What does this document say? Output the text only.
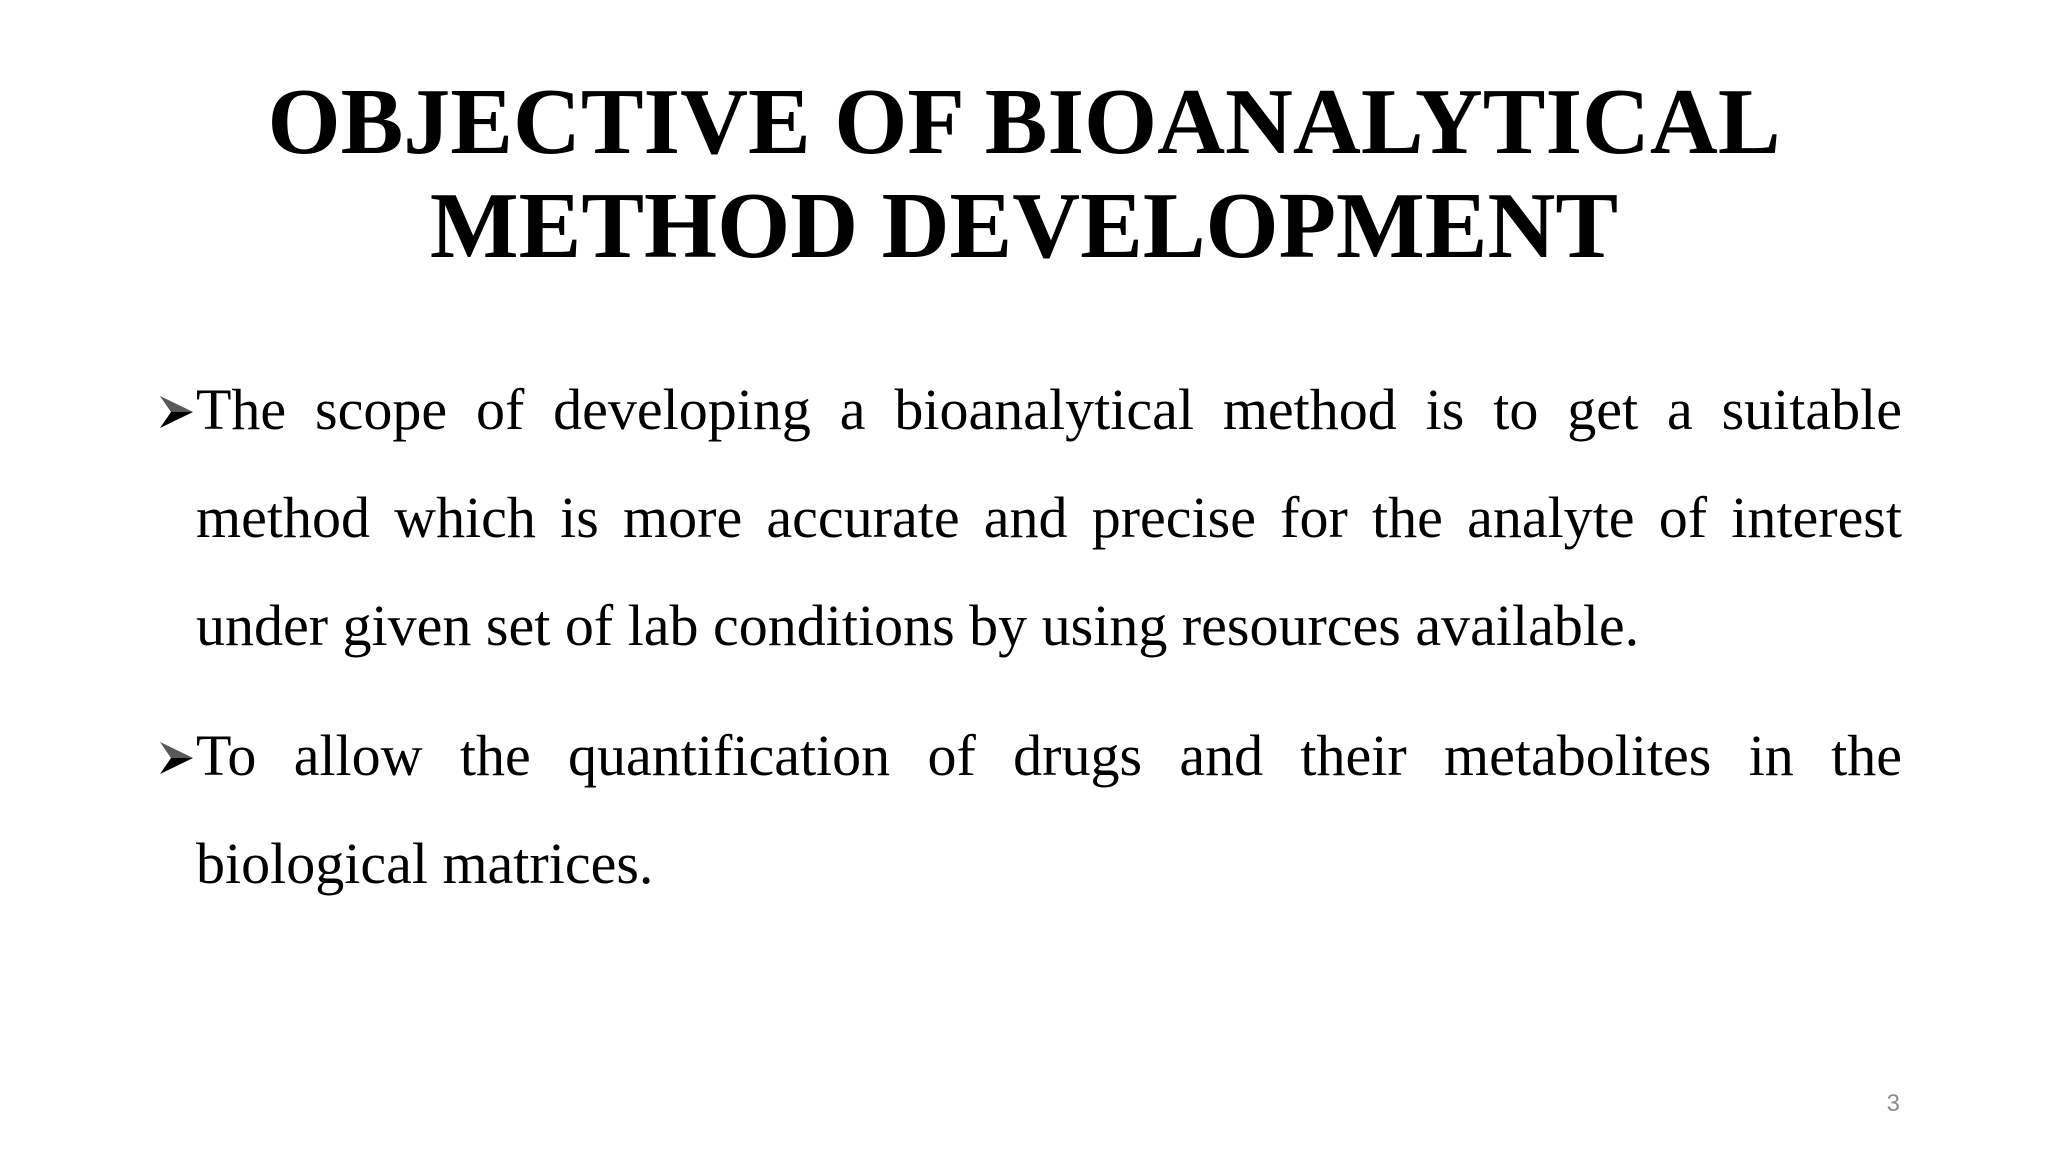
OBJECTIVE OF BIOANALYTICAL
METHOD DEVELOPMENT
The scope of developing a bioanalytical method is to get a suitable method which is more accurate and precise for the analyte of interest under given set of lab conditions by using resources available.
To allow the quantification of drugs and their metabolites in the biological matrices.
3
